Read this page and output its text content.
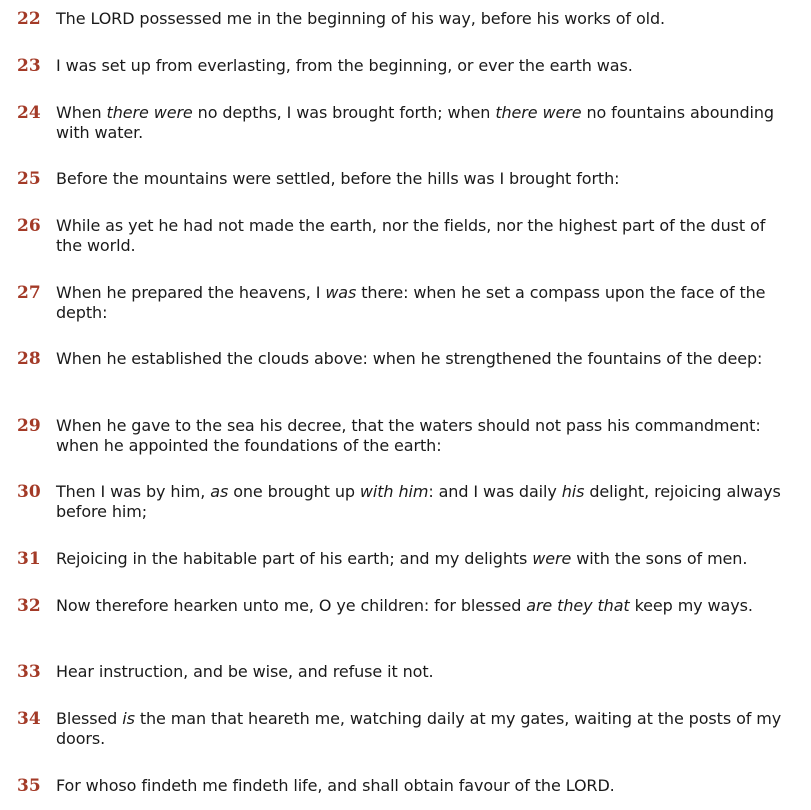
22 The LORD possessed me in the beginning of his way, before his works of old.
23 I was set up from everlasting, from the beginning, or ever the earth was.
24 When there were no depths, I was brought forth; when there were no fountains abounding with water.
25 Before the mountains were settled, before the hills was I brought forth:
26 While as yet he had not made the earth, nor the fields, nor the highest part of the dust of the world.
27 When he prepared the heavens, I was there: when he set a compass upon the face of the depth:
28 When he established the clouds above: when he strengthened the fountains of the deep:
29 When he gave to the sea his decree, that the waters should not pass his commandment: when he appointed the foundations of the earth:
30 Then I was by him, as one brought up with him: and I was daily his delight, rejoicing always before him;
31 Rejoicing in the habitable part of his earth; and my delights were with the sons of men.
32 Now therefore hearken unto me, O ye children: for blessed are they that keep my ways.
33 Hear instruction, and be wise, and refuse it not.
34 Blessed is the man that heareth me, watching daily at my gates, waiting at the posts of my doors.
35 For whoso findeth me findeth life, and shall obtain favour of the LORD.
